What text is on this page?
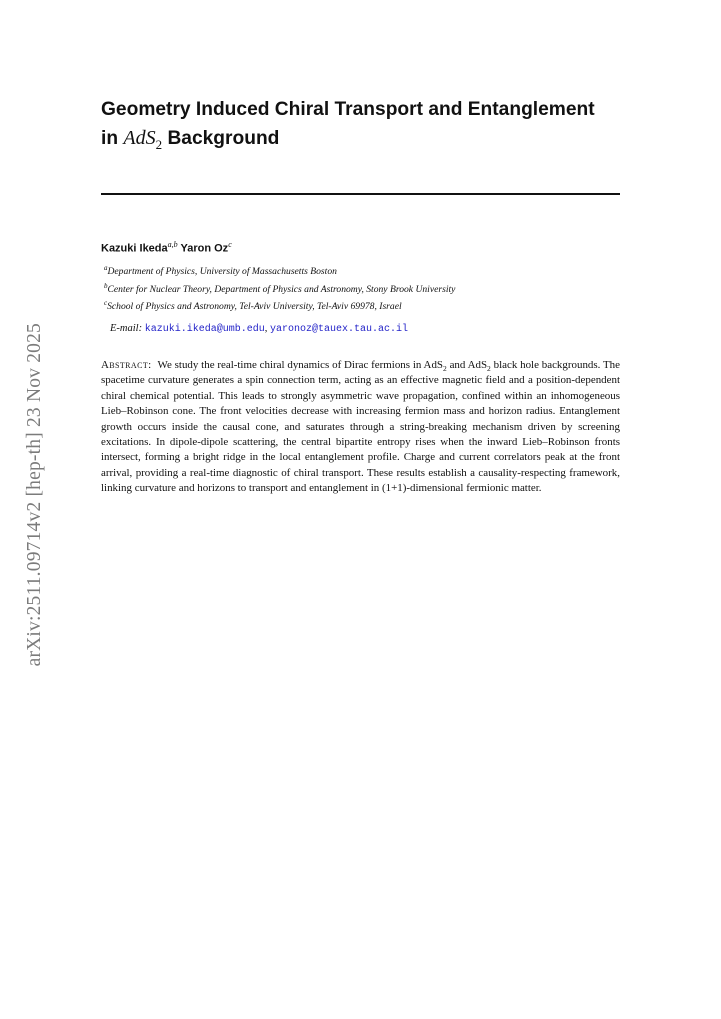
arXiv:2511.09714v2 [hep-th] 23 Nov 2025
Geometry Induced Chiral Transport and Entanglement
in AdS$_2$ Background
Kazuki Ikeda$^{a,b}$ Yaron Oz$^c$
$^a$Department of Physics, University of Massachusetts Boston
$^b$Center for Nuclear Theory, Department of Physics and Astronomy, Stony Brook University
$^c$School of Physics and Astronomy, Tel-Aviv University, Tel-Aviv 69978, Israel
E-mail: kazuki.ikeda@umb.edu, yaronoz@tauex.tau.ac.il
Abstract: We study the real-time chiral dynamics of Dirac fermions in AdS$_2$ and AdS$_2$ black hole backgrounds. The spacetime curvature generates a spin connection term, acting as an effective magnetic field and a position-dependent chiral chemical potential. This leads to strongly asymmetric wave propagation, confined within an inhomogeneous Lieb–Robinson cone. The front velocities decrease with increasing fermion mass and horizon radius. Entanglement growth occurs inside the causal cone, and saturates through a string-breaking mechanism driven by screening excitations. In dipole-dipole scattering, the central bipartite entropy rises when the inward Lieb–Robinson fronts intersect, forming a bright ridge in the local entanglement profile. Charge and current correlators peak at the front arrival, providing a real-time diagnostic of chiral transport. These results establish a causality-respecting framework, linking curvature and horizons to transport and entanglement in (1+1)-dimensional fermionic matter.
